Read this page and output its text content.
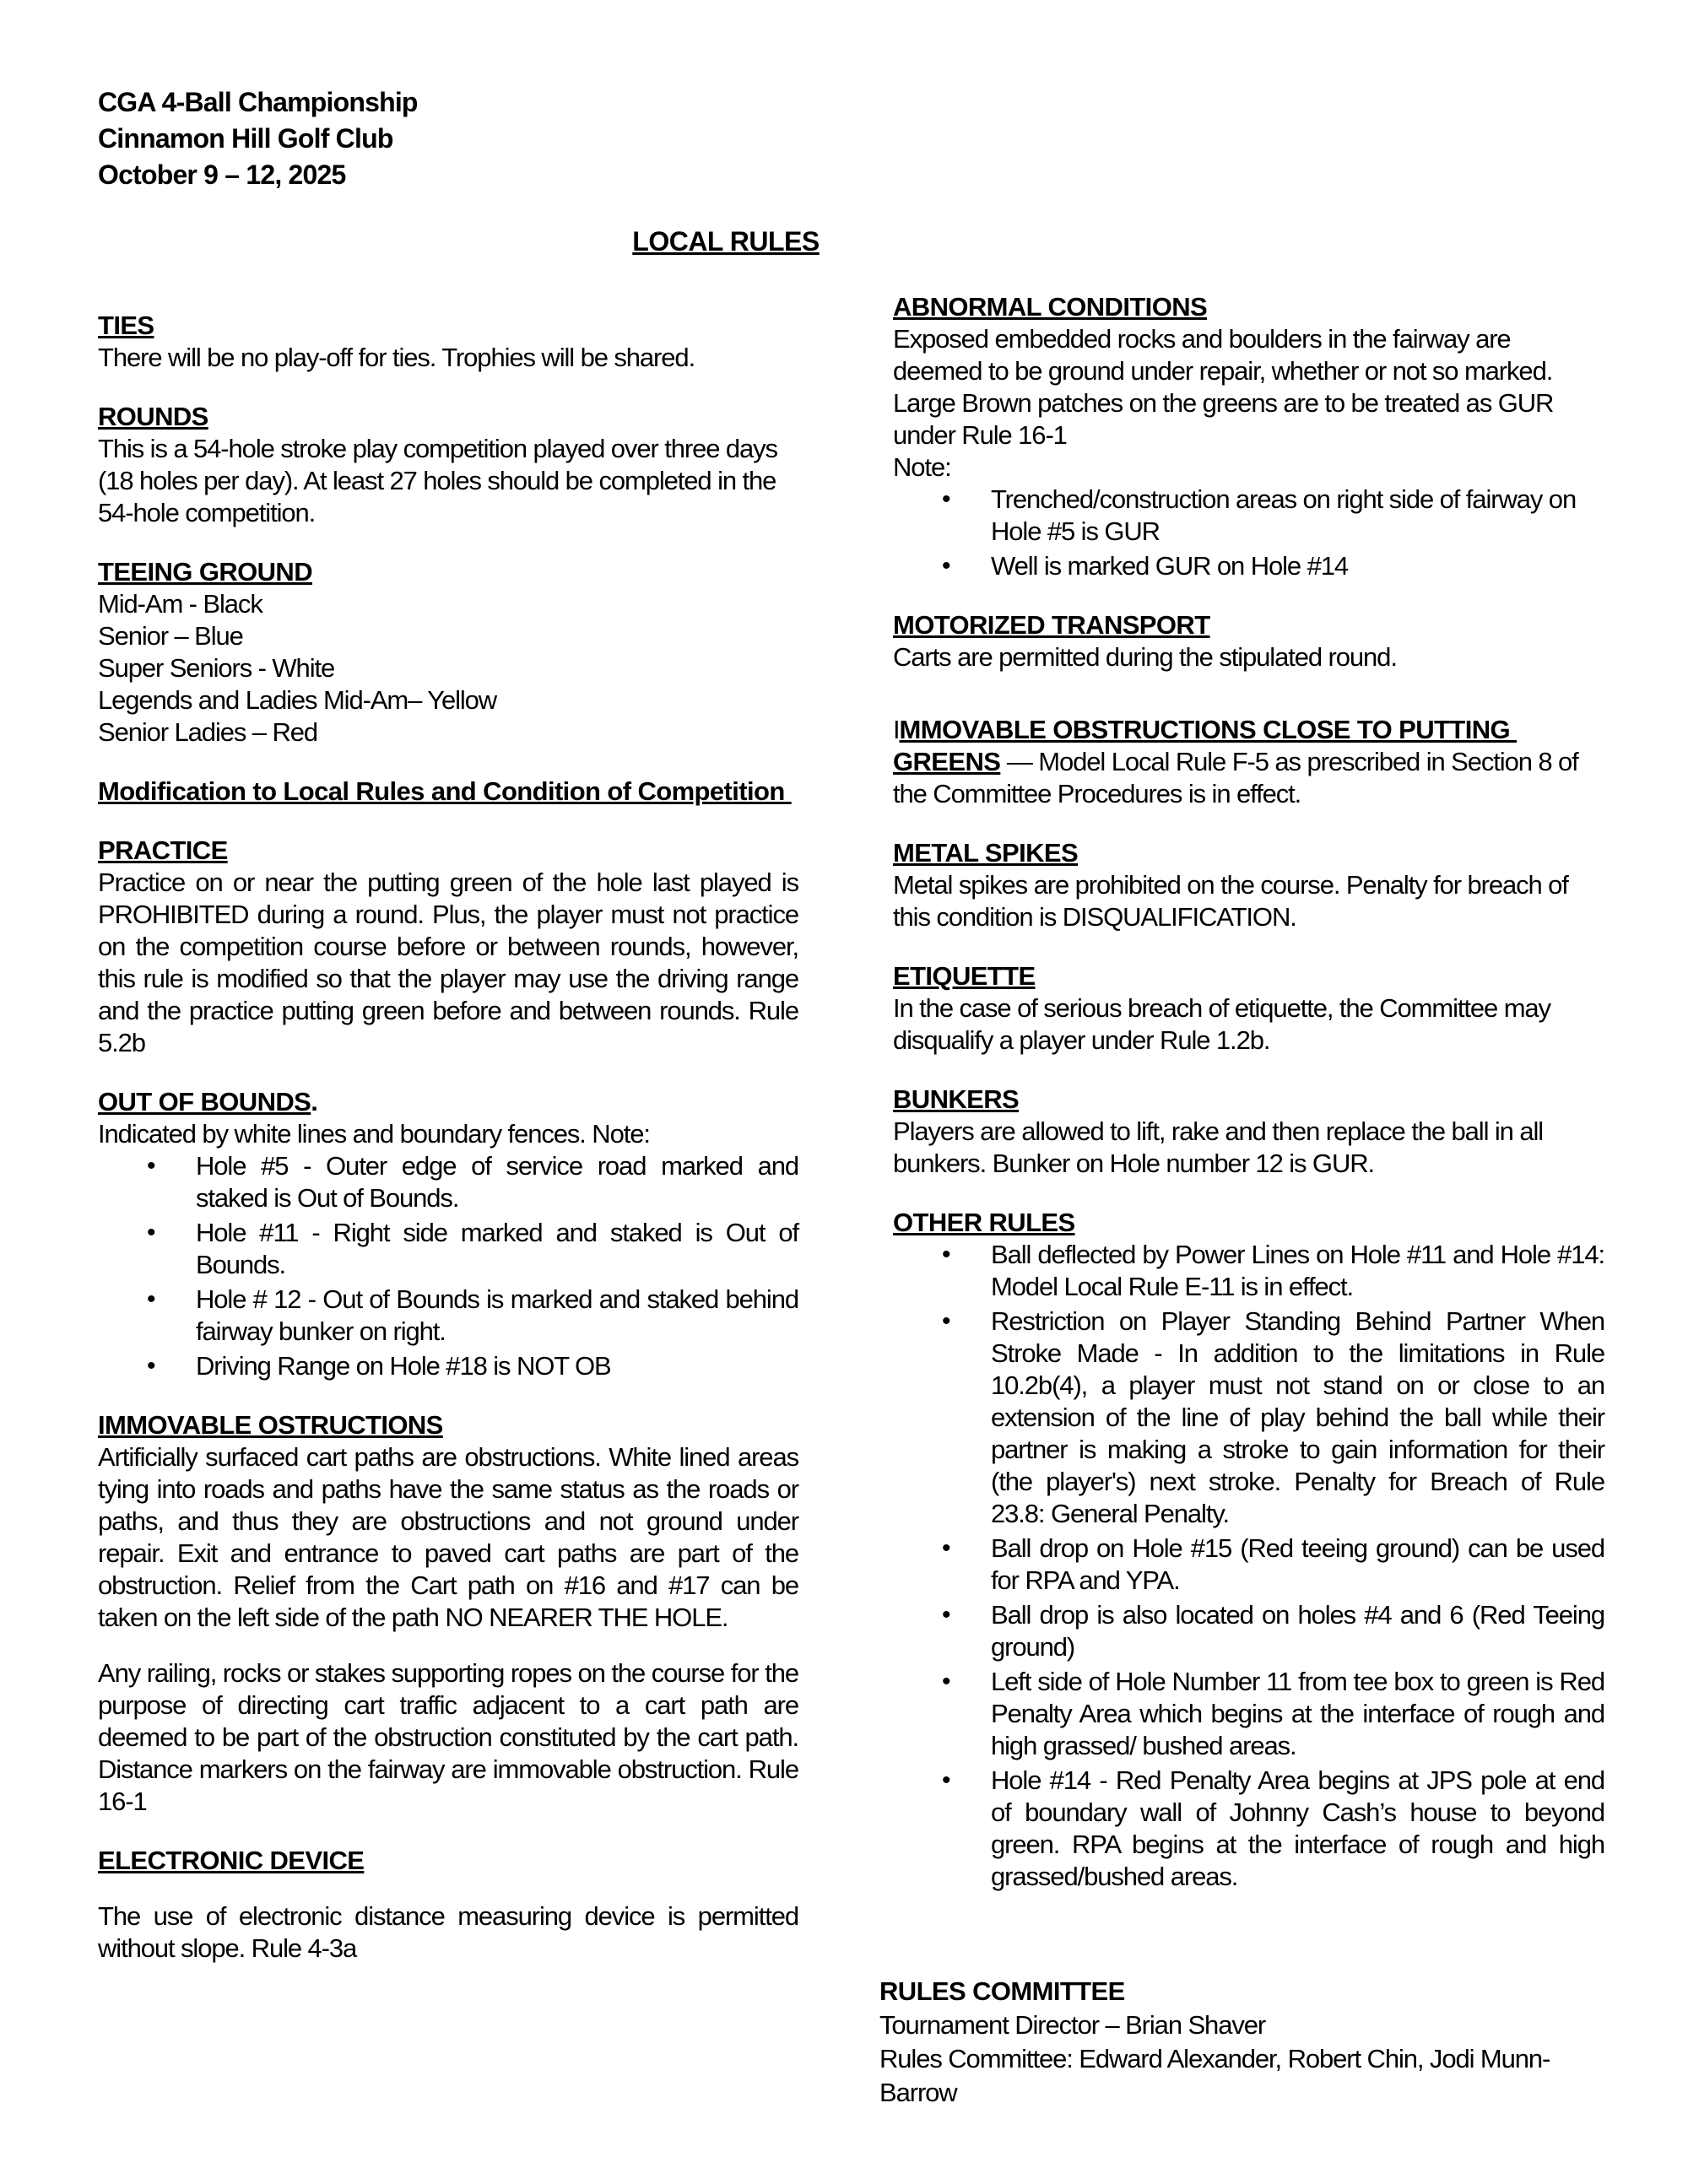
CGA 4-Ball Championship
Cinnamon Hill Golf Club
October 9 – 12, 2025
LOCAL RULES
TIES
There will be no play-off for ties. Trophies will be shared.
ROUNDS
This is a 54-hole stroke play competition played over three days (18 holes per day). At least 27 holes should be completed in the 54-hole competition.
TEEING GROUND
Mid-Am - Black
Senior – Blue
Super Seniors - White
Legends and Ladies Mid-Am– Yellow
Senior Ladies – Red
Modification to Local Rules and Condition of Competition
PRACTICE
Practice on or near the putting green of the hole last played is PROHIBITED during a round. Plus, the player must not practice on the competition course before or between rounds, however, this rule is modified so that the player may use the driving range and the practice putting green before and between rounds. Rule 5.2b
OUT OF BOUNDS.
Indicated by white lines and boundary fences. Note:
• Hole #5 - Outer edge of service road marked and staked is Out of Bounds.
• Hole #11 - Right side marked and staked is Out of Bounds.
• Hole # 12 - Out of Bounds is marked and staked behind fairway bunker on right.
• Driving Range on Hole #18 is NOT OB
IMMOVABLE OSTRUCTIONS
Artificially surfaced cart paths are obstructions. White lined areas tying into roads and paths have the same status as the roads or paths, and thus they are obstructions and not ground under repair. Exit and entrance to paved cart paths are part of the obstruction. Relief from the Cart path on #16 and #17 can be taken on the left side of the path NO NEARER THE HOLE.
Any railing, rocks or stakes supporting ropes on the course for the purpose of directing cart traffic adjacent to a cart path are deemed to be part of the obstruction constituted by the cart path. Distance markers on the fairway are immovable obstruction. Rule 16-1
ELECTRONIC DEVICE
The use of electronic distance measuring device is permitted without slope. Rule 4-3a
ABNORMAL CONDITIONS
Exposed embedded rocks and boulders in the fairway are deemed to be ground under repair, whether or not so marked. Large Brown patches on the greens are to be treated as GUR under Rule 16-1
Note:
• Trenched/construction areas on right side of fairway on Hole #5 is GUR
• Well is marked GUR on Hole #14
MOTORIZED TRANSPORT
Carts are permitted during the stipulated round.
IMMOVABLE OBSTRUCTIONS CLOSE TO PUTTING
GREENS — Model Local Rule F-5 as prescribed in Section 8 of the Committee Procedures is in effect.
METAL SPIKES
Metal spikes are prohibited on the course. Penalty for breach of this condition is DISQUALIFICATION.
ETIQUETTE
In the case of serious breach of etiquette, the Committee may disqualify a player under Rule 1.2b.
BUNKERS
Players are allowed to lift, rake and then replace the ball in all bunkers. Bunker on Hole number 12 is GUR.
OTHER RULES
• Ball deflected by Power Lines on Hole #11 and Hole #14: Model Local Rule E-11 is in effect.
• Restriction on Player Standing Behind Partner When Stroke Made - In addition to the limitations in Rule 10.2b(4), a player must not stand on or close to an extension of the line of play behind the ball while their partner is making a stroke to gain information for their (the player's) next stroke. Penalty for Breach of Rule 23.8: General Penalty.
• Ball drop on Hole #15 (Red teeing ground) can be used for RPA and YPA.
• Ball drop is also located on holes #4 and 6 (Red Teeing ground)
• Left side of Hole Number 11 from tee box to green is Red Penalty Area which begins at the interface of rough and high grassed/ bushed areas.
• Hole #14 - Red Penalty Area begins at JPS pole at end of boundary wall of Johnny Cash’s house to beyond green. RPA begins at the interface of rough and high grassed/bushed areas.
RULES COMMITTEE
Tournament Director – Brian Shaver
Rules Committee: Edward Alexander, Robert Chin, Jodi Munn-Barrow
